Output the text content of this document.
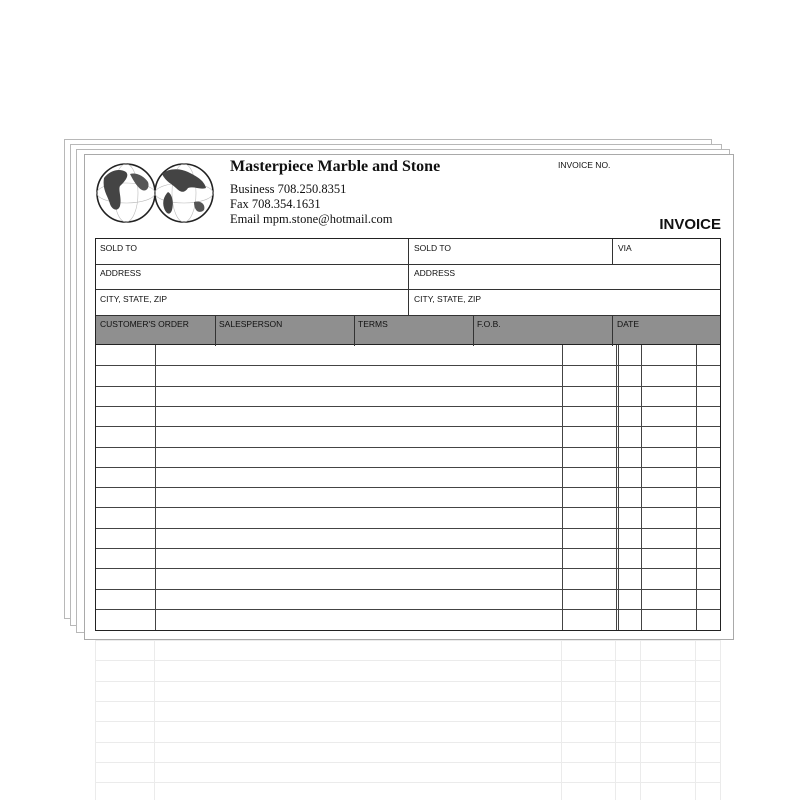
Masterpiece Marble and Stone
Business 708.250.8351
Fax 708.354.1631
Email mpm.stone@hotmail.com
INVOICE NO.
INVOICE
SOLD TO	SOLD TO	VIA
ADDRESS	ADDRESS
CITY, STATE, ZIP	CITY, STATE, ZIP
CUSTOMER'S ORDER	SALESPERSON	TERMS	F.O.B.	DATE
